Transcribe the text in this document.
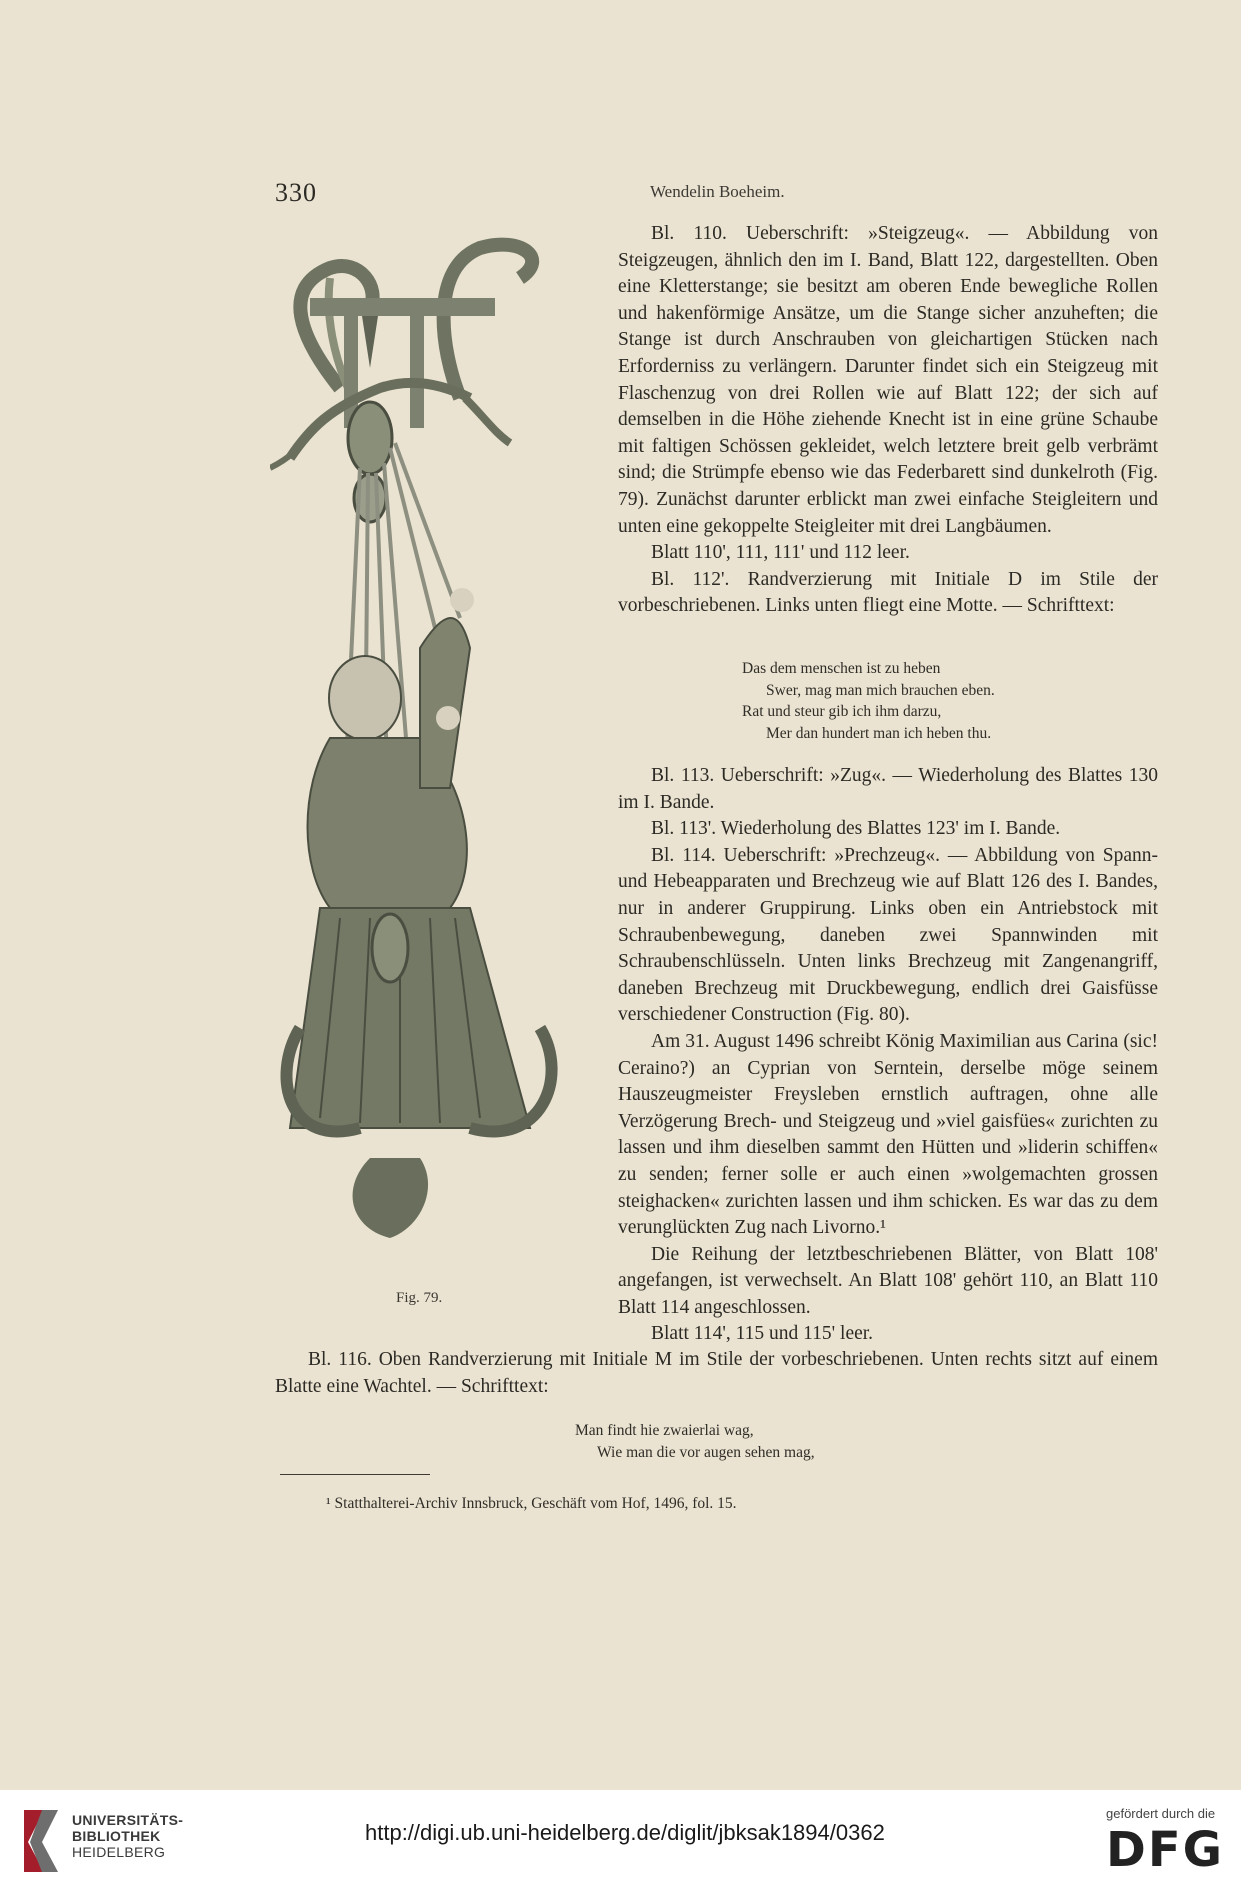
330	Wendelin Boeheim.
Fig. 79.

Bl. 110. Ueberschrift: »Steigzeug«. — Abbildung von Steigzeugen, ähnlich den im I. Band, Blatt 122, dargestellten. Oben eine Kletterstange; sie besitzt am oberen Ende bewegliche Rollen und hakenförmige Ansätze, um die Stange sicher anzuheften; die Stange ist durch Anschrauben von gleichartigen Stücken nach Erforderniss zu verlängern. Darunter findet sich ein Steigzeug mit Flaschenzug von drei Rollen wie auf Blatt 122; der sich auf demselben in die Höhe ziehende Knecht ist in eine grüne Schaube mit faltigen Schössen gekleidet, welch letztere breit gelb verbrämt sind; die Strümpfe ebenso wie das Federbarett sind dunkelroth (Fig. 79). Zunächst darunter erblickt man zwei einfache Steigleitern und unten eine gekoppelte Steigleiter mit drei Langbäumen.

Blatt 110', 111, 111' und 112 leer.

Bl. 112'. Randverzierung mit Initiale D im Stile der vorbeschriebenen. Links unten fliegt eine Motte. — Schrifttext:

Das dem menschen ist zu heben
Swer, mag man mich brauchen eben.
Rat und steur gib ich ihm darzu,
Mer dan hundert man ich heben thu.

Bl. 113. Ueberschrift: »Zug«. — Wiederholung des Blattes 130 im I. Bande.

Bl. 113'. Wiederholung des Blattes 123' im I. Bande.

Bl. 114. Ueberschrift: »Prechzeug«. — Abbildung von Spann- und Hebeapparaten und Brechzeug wie auf Blatt 126 des I. Bandes, nur in anderer Gruppirung. Links oben ein Antriebstock mit Schraubenbewegung, daneben zwei Spannwinden mit Schraubenschlüsseln. Unten links Brechzeug mit Zangenangriff, daneben Brechzeug mit Druckbewegung, endlich drei Gaisfüsse verschiedener Construction (Fig. 80).

Am 31. August 1496 schreibt König Maximilian aus Carina (sic! Ceraino?) an Cyprian von Serntein, derselbe möge seinem Hauszeugmeister Freysleben ernstlich auftragen, ohne alle Verzögerung Brech- und Steigzeug und »viel gaisfües« zurichten zu lassen und ihm dieselben sammt den Hütten und »liderin schiffen« zu senden; ferner solle er auch einen »wolgemachten grossen steighacken« zurichten lassen und ihm schicken. Es war das zu dem verunglückten Zug nach Livorno.¹

Die Reihung der letztbeschriebenen Blätter, von Blatt 108' angefangen, ist verwechselt. An Blatt 108' gehört 110, an Blatt 110 Blatt 114 angeschlossen.

Blatt 114', 115 und 115' leer.

Bl. 116. Oben Randverzierung mit Initiale M im Stile der vorbeschriebenen. Unten rechts sitzt auf einem Blatte eine Wachtel. — Schrifttext:

Man findt hie zwaierlai wag,
Wie man die vor augen sehen mag,
¹ Statthalterei-Archiv Innsbruck, Geschäft vom Hof, 1496, fol. 15.
UNIVERSITÄTS-
BIBLIOTHEK
HEIDELBERG
http://digi.ub.uni-heidelberg.de/diglit/jbksak1894/0362
gefördert durch die
DFG
